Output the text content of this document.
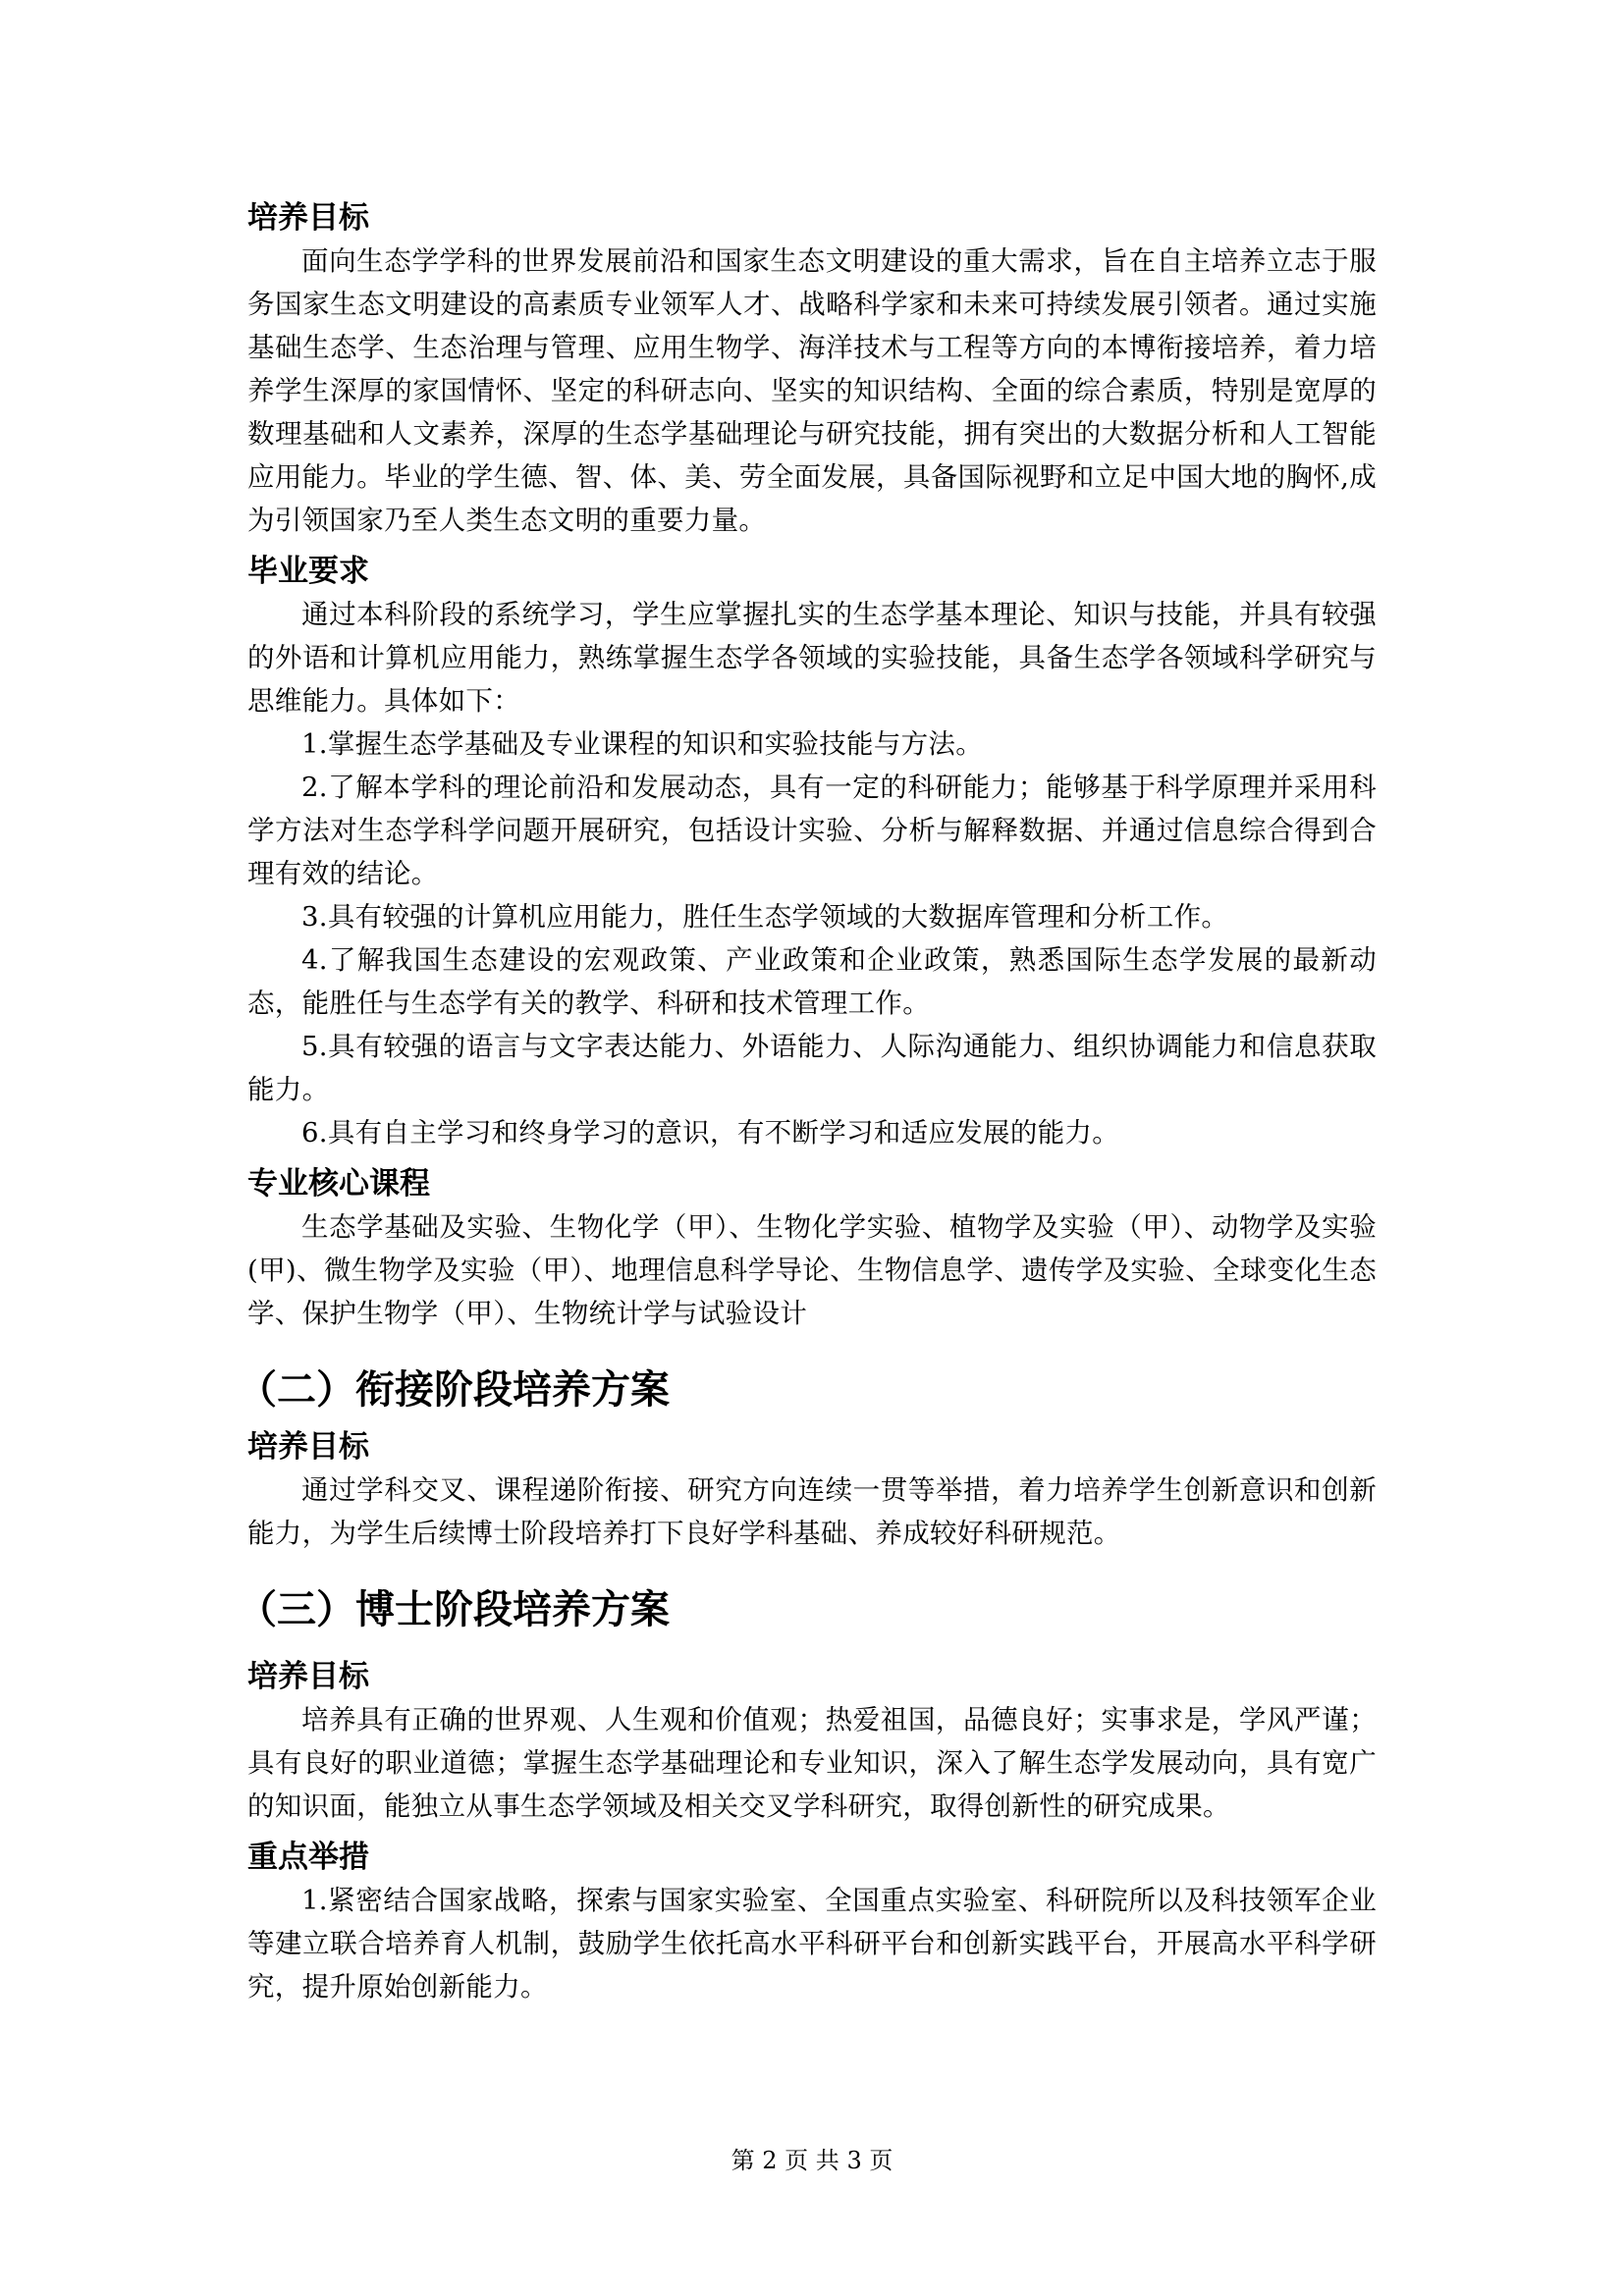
培养目标

面向生态学学科的世界发展前沿和国家生态文明建设的重大需求，旨在自主培养立志于服务国家生态文明建设的高素质专业领军人才、战略科学家和未来可持续发展引领者。通过实施基础生态学、生态治理与管理、应用生物学、海洋技术与工程等方向的本博衔接培养，着力培养学生深厚的家国情怀、坚定的科研志向、坚实的知识结构、全面的综合素质，特别是宽厚的数理基础和人文素养，深厚的生态学基础理论与研究技能，拥有突出的大数据分析和人工智能应用能力。毕业的学生德、智、体、美、劳全面发展，具备国际视野和立足中国大地的胸怀,成为引领国家乃至人类生态文明的重要力量。

毕业要求

通过本科阶段的系统学习，学生应掌握扎实的生态学基本理论、知识与技能，并具有较强的外语和计算机应用能力，熟练掌握生态学各领域的实验技能，具备生态学各领域科学研究与思维能力。具体如下：

1.掌握生态学基础及专业课程的知识和实验技能与方法。

2.了解本学科的理论前沿和发展动态，具有一定的科研能力；能够基于科学原理并采用科学方法对生态学科学问题开展研究，包括设计实验、分析与解释数据、并通过信息综合得到合理有效的结论。

3.具有较强的计算机应用能力，胜任生态学领域的大数据库管理和分析工作。

4.了解我国生态建设的宏观政策、产业政策和企业政策，熟悉国际生态学发展的最新动态，能胜任与生态学有关的教学、科研和技术管理工作。

5.具有较强的语言与文字表达能力、外语能力、人际沟通能力、组织协调能力和信息获取能力。

6.具有自主学习和终身学习的意识，有不断学习和适应发展的能力。

专业核心课程

生态学基础及实验、生物化学（甲）、生物化学实验、植物学及实验（甲）、动物学及实验(甲)、微生物学及实验（甲）、地理信息科学导论、生物信息学、遗传学及实验、全球变化生态学、保护生物学（甲）、生物统计学与试验设计

（二）衔接阶段培养方案
培养目标

通过学科交叉、课程递阶衔接、研究方向连续一贯等举措，着力培养学生创新意识和创新能力，为学生后续博士阶段培养打下良好学科基础、养成较好科研规范。

（三）博士阶段培养方案
培养目标

培养具有正确的世界观、人生观和价值观；热爱祖国，品德良好；实事求是，学风严谨；具有良好的职业道德；掌握生态学基础理论和专业知识，深入了解生态学发展动向，具有宽广的知识面，能独立从事生态学领域及相关交叉学科研究，取得创新性的研究成果。

重点举措

1.紧密结合国家战略，探索与国家实验室、全国重点实验室、科研院所以及科技领军企业等建立联合培养育人机制，鼓励学生依托高水平科研平台和创新实践平台，开展高水平科学研究，提升原始创新能力。

第 2 页 共 3 页
